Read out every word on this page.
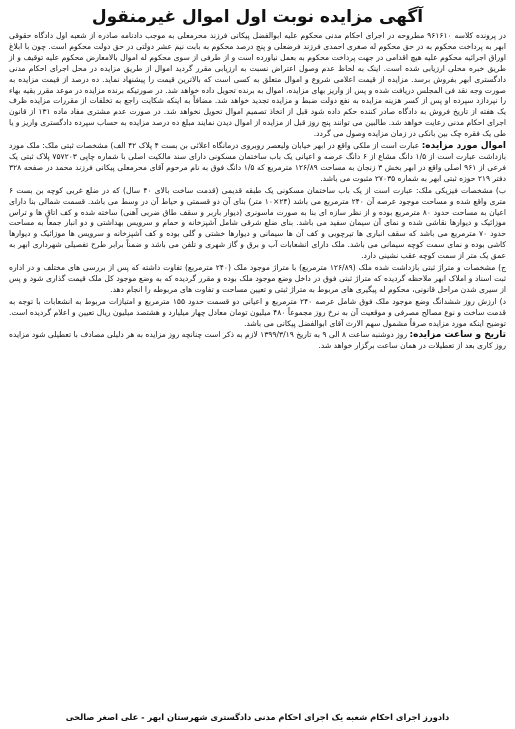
آگهی مزایده نوبت اول اموال غیرمنقول

در پرونده کلاسه ۹۶۱۶۱۰ مطروحه در اجرای احکام مدنی محکوم علیه ابوالفضل پیکانی فرزند محرمعلی به موجب دادنامه صادره از شعبه اول دادگاه حقوقی ابهر به پرداخت محکوم به در حق محکوم له صغری احمدی فرزند فرضعلی و پنج درصد محکوم به بابت نیم عشر دولتی در حق دولت محکوم است. چون با ابلاغ اوراق اجرائیه محکوم علیه هیچ اقدامی در جهت پرداخت محکوم به بعمل نیاورده است و از طرفی از سوی محکوم له اموال بالامعارض محکوم علیه توقیف و از طریق خبره محلی ارزیابی شده است. اینک به لحاظ عدم وصول اعتراض نسبت به ارزیابی مقرر گردید اموال از طریق مزایده در محل اجرای احکام مدنی دادگستری ابهر بفروش برسد. مزایده از قیمت اعلامی شروع و اموال متعلق به کسی است که بالاترین قیمت را پیشنهاد نماید. ده درصد از قیمت مزایده به صورت وجه نقد فی المجلس دریافت شده و پس از واریز بهای مزایده، اموال به برنده تحویل داده خواهد شد. در صورتیکه برنده مزایده در موعد مقرر بقیه بهاء را نپردازد سپرده او پس از کسر هزینه مزایده به نفع دولت ضبط و مزایده تجدید خواهد شد. مضافاً به اینکه شکایت راجع به تخلفات از مقررات مزایده ظرف یک هفته از تاریخ فروش به دادگاه صادر کننده حکم داده شود قبل از اتخاذ تصمیم اموال تحویل نخواهد شد. در صورت عدم مشتری مفاد ماده ۱۳۱ از قانون اجرای احکام مدنی رعایت خواهد شد. طالبین می توانند پنج روز قبل از مزایده از اموال دیدن نمایند مبلغ ده درصد مزایده به حساب سپرده دادگستری واریز و یا طی یک فقره چک بین بانکی در زمان مزایده وصول می گردد.

اموال مورد مزایده: عبارت است از ملکی واقع در ابهر خیابان ولیعصر روبروی درمانگاه اعلائی بن بست ۴ پلاک ۴۲ الف) مشخصات ثبتی ملک: ملک مورد بازداشت عبارت است از ۱/۵ دانگ مشاع از ۶ دانگ عرصه و اعیانی یک باب ساختمان مسکونی دارای سند مالکیت اصلی با شماره چاپی ۷۵۷۲۰۳ پلاک ثبتی یک فرعی از ۹۶۱ اصلی واقع در ابهر بخش ۳ زنجان به مساحت ۱۲۶/۸۹ مترمربع که ۱/۵ دانگ فوق به نام مرحوم آقای محرمعلی پیکانی فرزند محمد در صفحه ۳۲۸ دفتر ۲۱۹ حوزه ثبتی ابهر به شماره ۲۷۰۳۵ مثبوت می باشد.

ب) مشخصات فیزیکی ملک: عبارت است از یک باب ساختمان مسکونی یک طبقه قدیمی (قدمت ساخت بالای ۴۰ سال) که در ضلع غربی کوچه بن بست ۶ متری واقع شده و مساحت موجود عرصه آن ۲۴۰ مترمربع می باشد (۲۴×۱۰ متر) بنای آن دو قسمتی و حیاط آن در وسط می باشد. قسمت شمالی بنا دارای اعیان به مساحت حدود ۸۰ مترمربع بوده و از نظر سازه ای بنا به صورت ماسونری (دیوار باربر و سقف طاق ضربی آهنی) ساخته شده و کف اتاق ها و تراس موزائیک و دیوارها نقاشی شده و نمای آن سیمان سفید می باشد. بنای ضلع شرقی شامل آشپزخانه و حمام و سرویس بهداشتی و دو انبار جمعاً به مساحت حدود ۷۰ مترمربع می باشد که سقف انباری ها تیرچوبی و کف آن ها سیمانی و دیوارها خشتی و گلی بوده و کف آشپزخانه و سرویس ها موزائیک و دیوارها کاشی بوده و نمای سمت کوچه سیمانی می باشد. ملک دارای انشعابات آب و برق و گاز شهری و تلفن می باشد و ضمناً برابر طرح تفصیلی شهرداری ابهر به عمق یک متر از سمت کوچه عقب نشینی دارد.

ج) مشخصات و متراژ ثبتی بازداشت شده ملک (۱۲۶/۸۹ مترمربع) با متراژ موجود ملک (۲۴۰ مترمربع) تفاوت داشته که پس از بررسی های مختلف و در اداره ثبت اسناد و املاک ابهر ملاحظه گردیده که متراژ ثبتی فوق در داخل وضع موجود ملک بوده و مقرر گردیده که به وضع موجود کل ملک قیمت گذاری شود و پس از سیری شدن مراحل قانونی، محکوم له پیگیری های مربوط به متراژ ثبتی و تعیین مساحت و تفاوت های مربوطه را انجام دهد.

د) ارزش روز ششدانگ وضع موجود ملک فوق شامل عرصه ۲۴۰ مترمربع و اعیانی دو قسمت حدود ۱۵۵ مترمربع و امتیازات مربوط به انشعابات با توجه به قدمت ساخت و نوع مصالح مصرفی و موقعیت آن به نرخ روز مجموعاً ۴۸۰ میلیون تومان معادل چهار میلیارد و هشتصد میلیون ریال تعیین و اعلام گردیده است. توضیح اینکه مورد مزایده صرفاً مشمول سهم الارث آقای ابوالفضل پیکانی می باشد.

تاریخ و ساعت مزایده: روز دوشنبه ساعت ۸ الی ۹ به تاریخ ۱۳۹۹/۳/۱۹ لازم به ذکر است چنانچه روز مزایده به هر دلیلی مصادف با تعطیلی شود مزایده روز کاری بعد از تعطیلات در همان ساعت برگزار خواهد شد.

دادورز اجرای احکام شعبه یک اجرای احکام مدنی دادگستری شهرستان ابهر - علی اصغر صالحی
